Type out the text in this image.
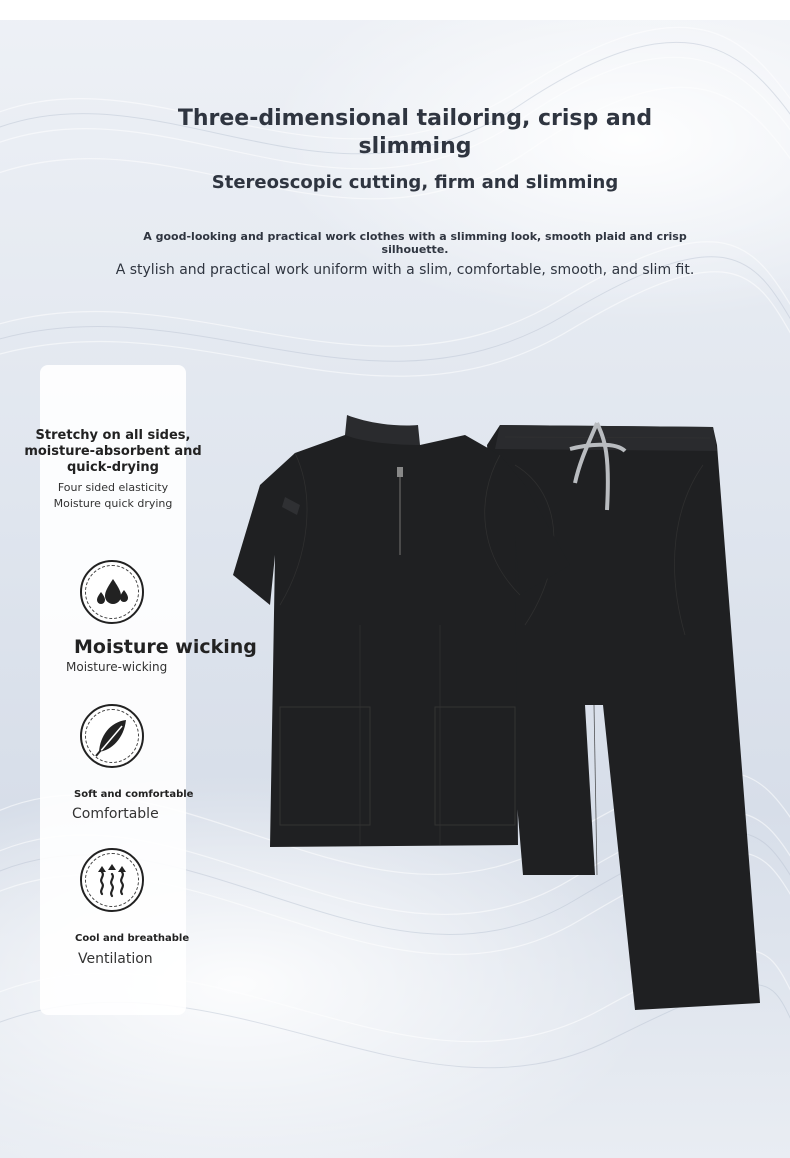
Three-dimensional tailoring, crisp and slimming
Stereoscopic cutting, firm and slimming
A good-looking and practical work clothes with a slimming look, smooth plaid and crisp silhouette.
A stylish and practical work uniform with a slim, comfortable, smooth, and slim fit.
Stretchy on all sides, moisture-absorbent and quick-drying
Four sided elasticity
Moisture quick drying
Moisture wicking
Moisture-wicking
Soft and comfortable
Comfortable
Cool and breathable
Ventilation
